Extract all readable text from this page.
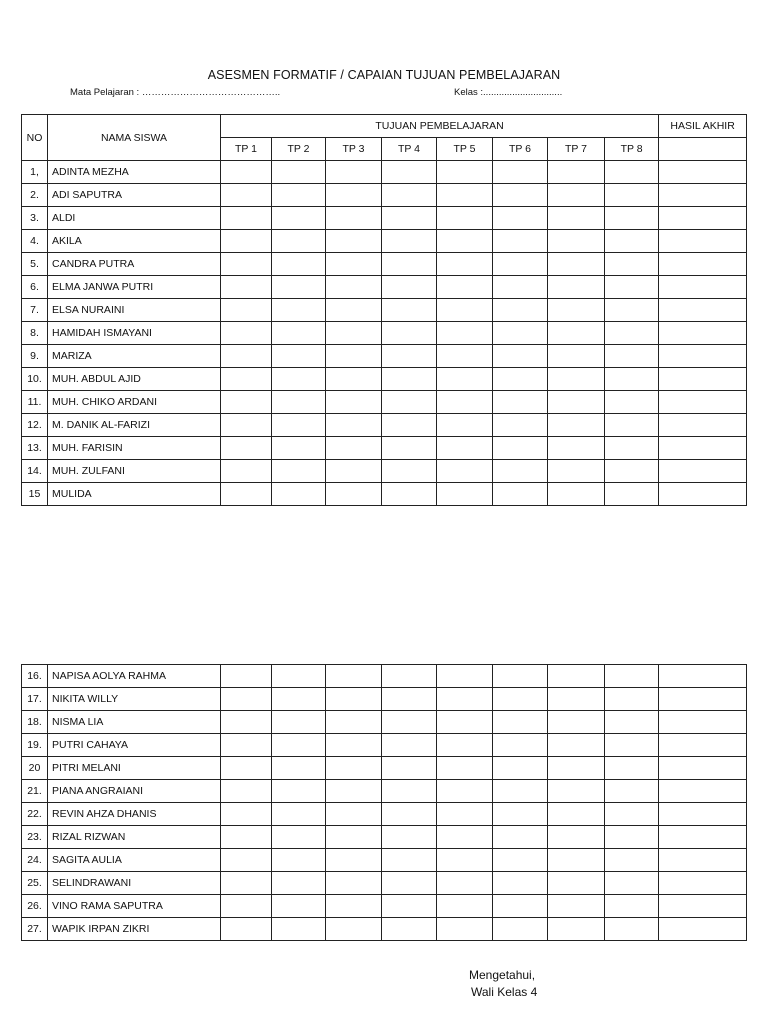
ASESMEN FORMATIF / CAPAIAN TUJUAN PEMBELAJARAN
Mata Pelajaran : ……………………………………..	Kelas :..............................
NO	NAMA SISWA	TUJUAN PEMBELAJARAN								HASIL AKHIR
		TP 1	TP 2	TP 3	TP 4	TP 5	TP 6	TP 7	TP 8	
1,	ADINTA MEZHA									
2.	ADI SAPUTRA									
3.	ALDI									
4.	AKILA									
5.	CANDRA PUTRA									
6.	ELMA JANWA PUTRI									
7.	ELSA NURAINI									
8.	HAMIDAH ISMAYANI									
9.	MARIZA									
10.	MUH. ABDUL AJID									
11.	MUH. CHIKO ARDANI									
12.	M. DANIK AL-FARIZI									
13.	MUH. FARISIN									
14.	MUH. ZULFANI									
15	MULIDA									
16.	NAPISA AOLYA RAHMA									
17.	NIKITA WILLY									
18.	NISMA LIA									
19.	PUTRI CAHAYA									
20	PITRI MELANI									
21.	PIANA ANGRAIANI									
22.	REVIN AHZA DHANIS									
23.	RIZAL RIZWAN									
24.	SAGITA AULIA									
25.	SELINDRAWANI									
26.	VINO RAMA SAPUTRA									
27.	WAPIK IRPAN ZIKRI									
Mengetahui,
Wali Kelas 4
